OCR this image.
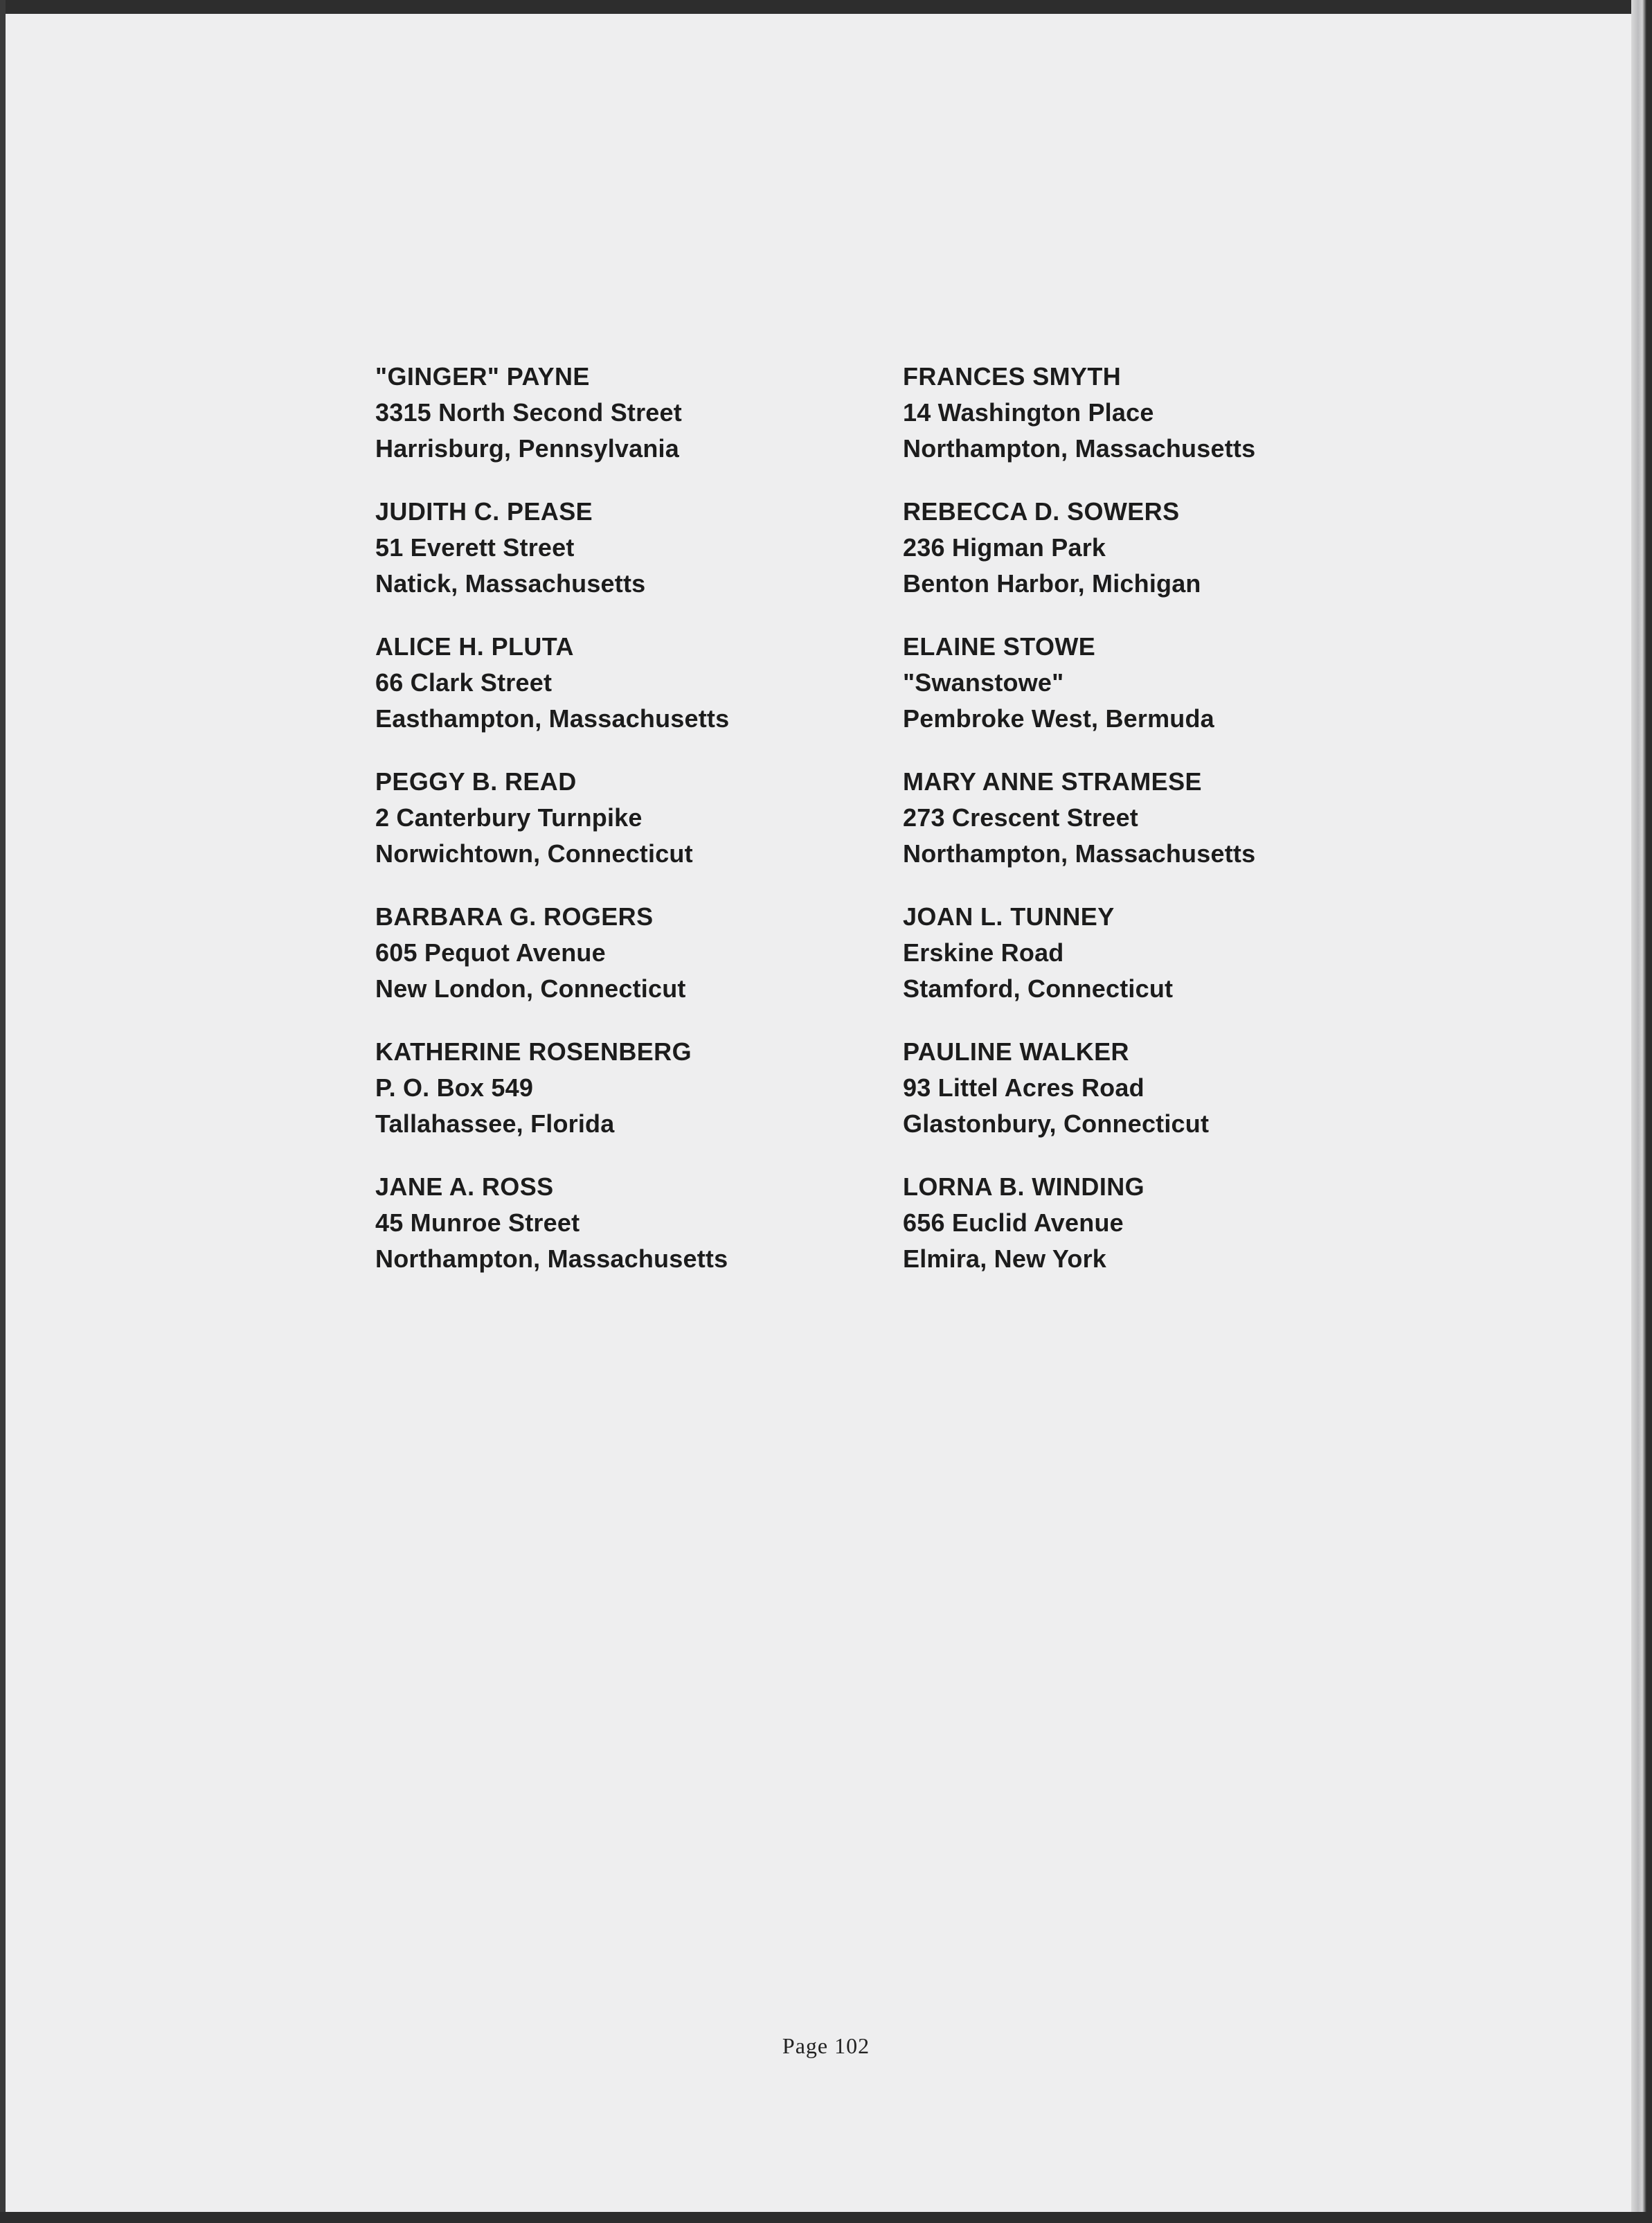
"GINGER" PAYNE
3315 North Second Street
Harrisburg, Pennsylvania
JUDITH C. PEASE
51 Everett Street
Natick, Massachusetts
ALICE H. PLUTA
66 Clark Street
Easthampton, Massachusetts
PEGGY B. READ
2 Canterbury Turnpike
Norwichtown, Connecticut
BARBARA G. ROGERS
605 Pequot Avenue
New London, Connecticut
KATHERINE ROSENBERG
P. O. Box 549
Tallahassee, Florida
JANE A. ROSS
45 Munroe Street
Northampton, Massachusetts
FRANCES SMYTH
14 Washington Place
Northampton, Massachusetts
REBECCA D. SOWERS
236 Higman Park
Benton Harbor, Michigan
ELAINE STOWE
"Swanstowe"
Pembroke West, Bermuda
MARY ANNE STRAMESE
273 Crescent Street
Northampton, Massachusetts
JOAN L. TUNNEY
Erskine Road
Stamford, Connecticut
PAULINE WALKER
93 Littel Acres Road
Glastonbury, Connecticut
LORNA B. WINDING
656 Euclid Avenue
Elmira, New York
Page 102
